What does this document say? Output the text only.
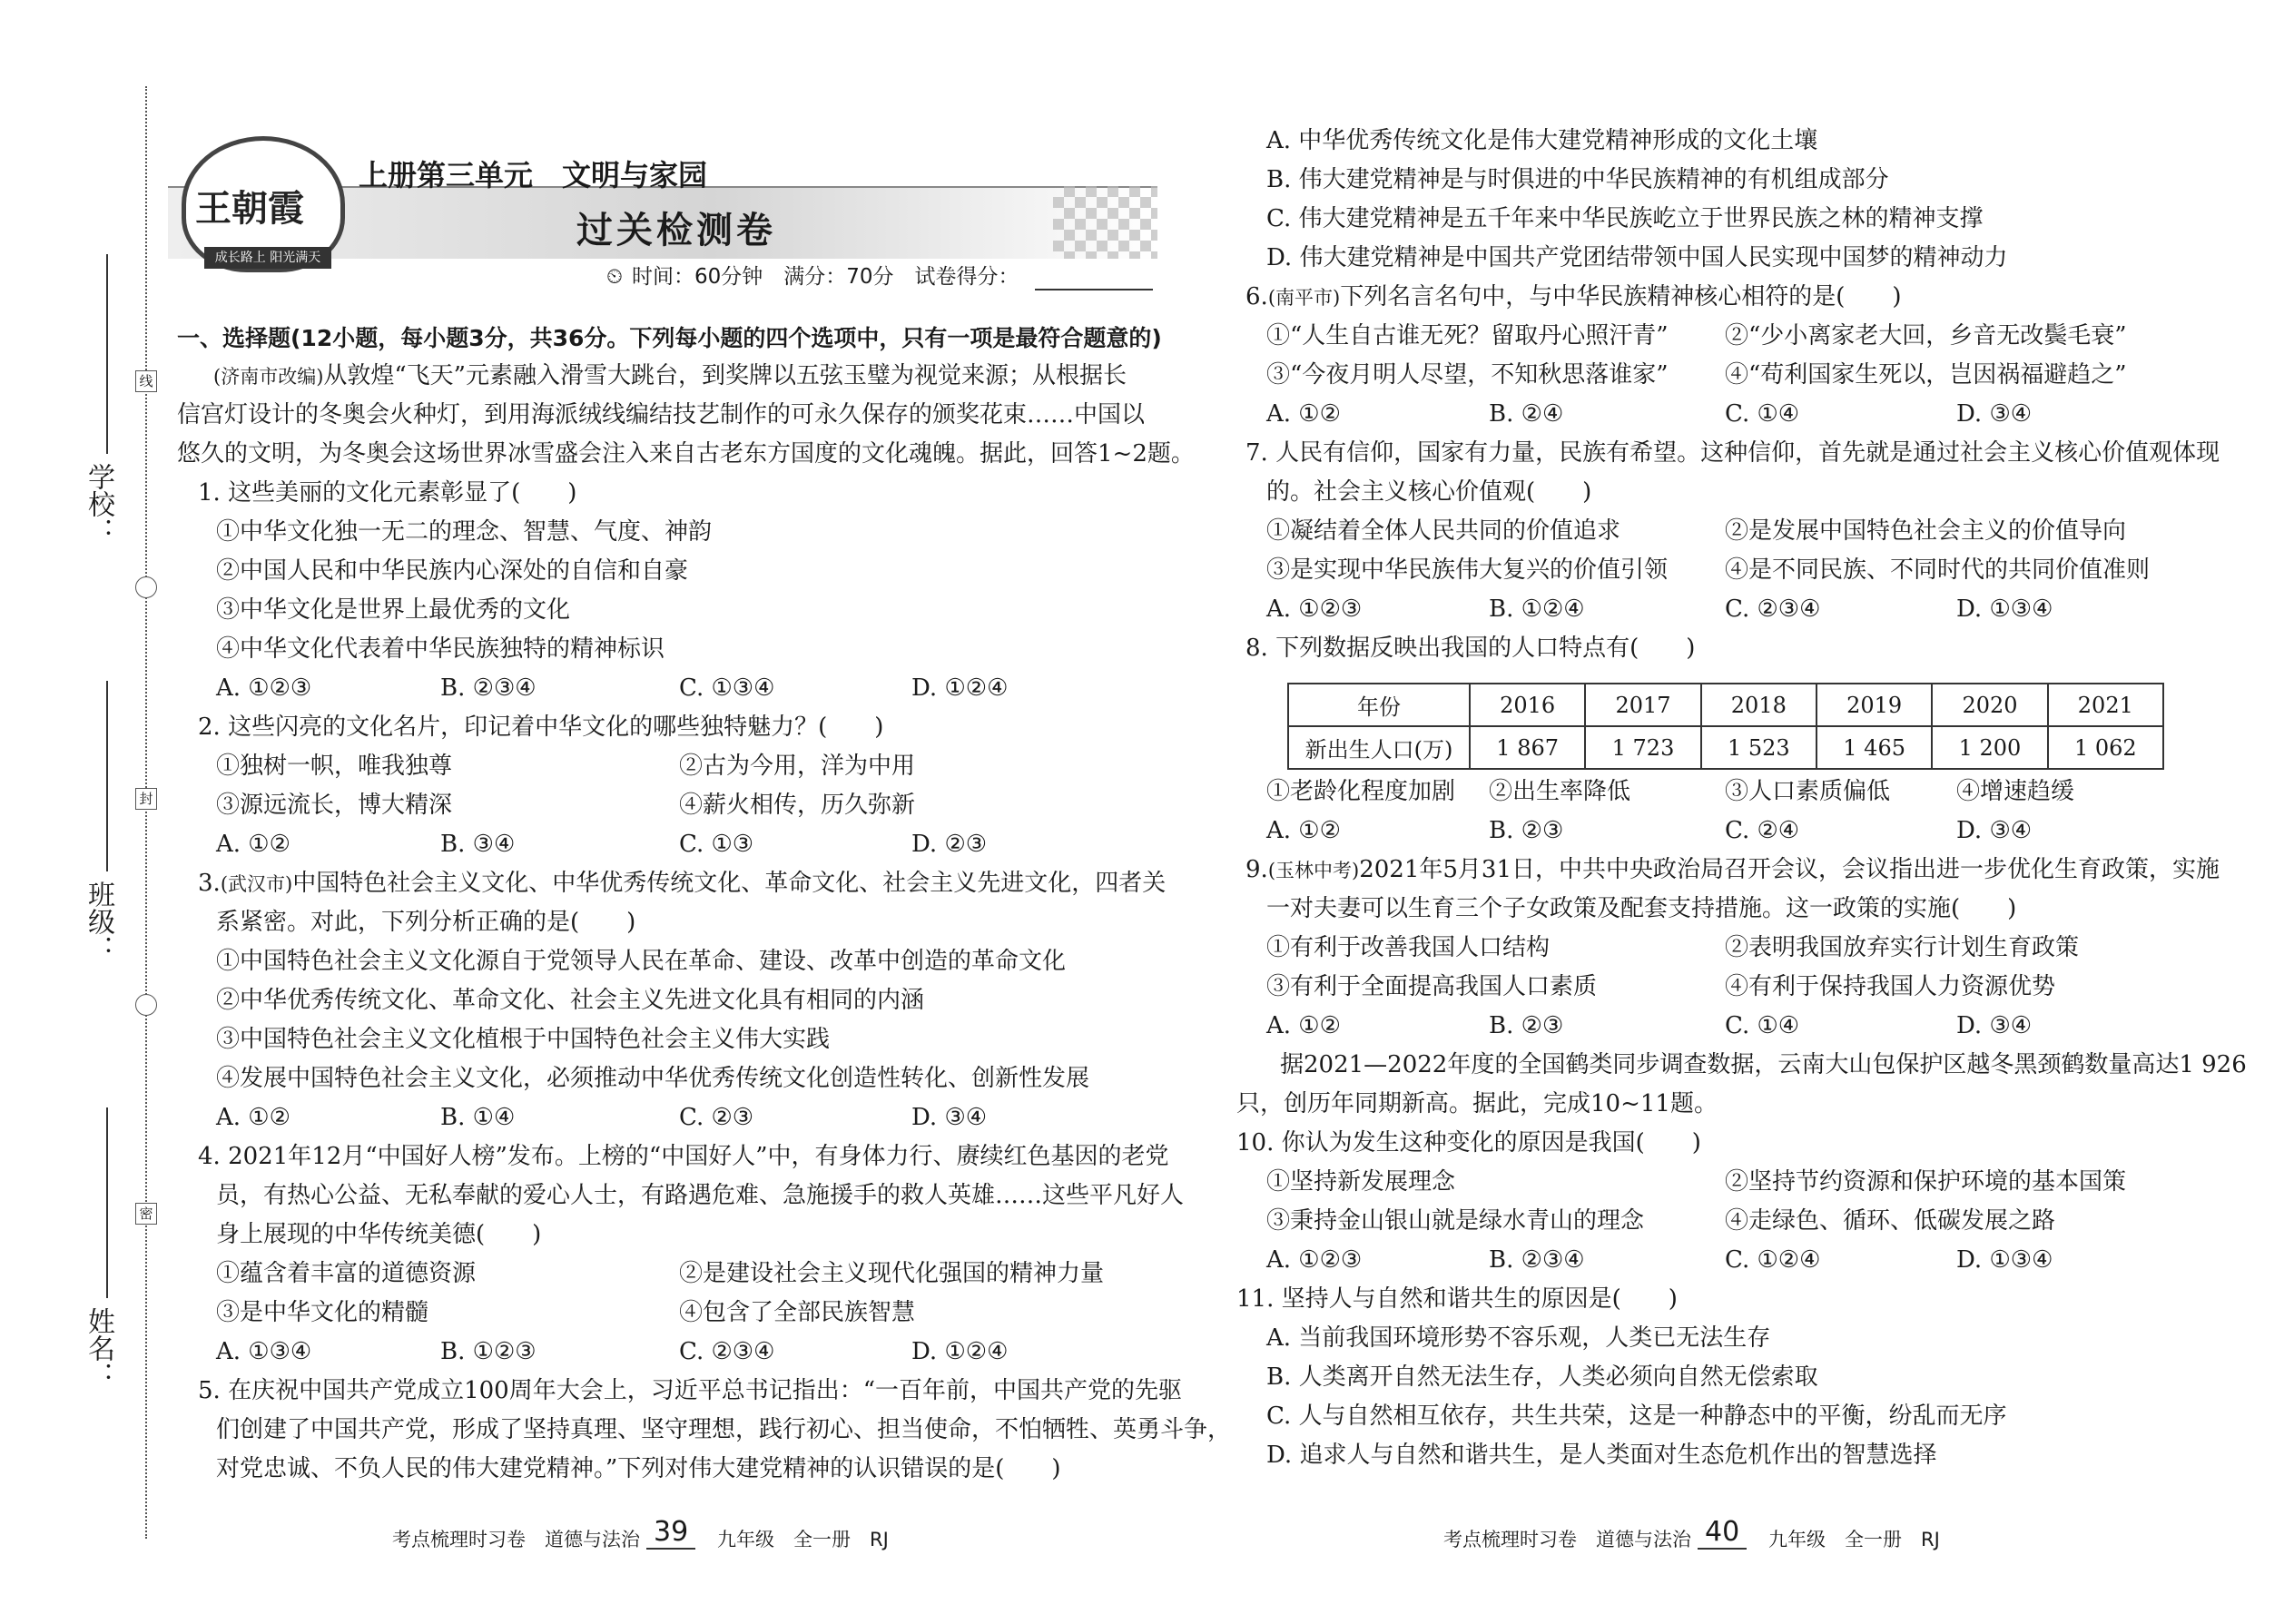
学校：
班级：
姓名：
线
封
密
王朝霞
成长路上 阳光满天
上册第三单元　文明与家园
过关检测卷
⏲ 时间：60分钟　满分：70分　试卷得分：
一、选择题(12小题，每小题3分，共36分。下列每小题的四个选项中，只有一项是最符合题意的)
(济南市改编)从敦煌“飞天”元素融入滑雪大跳台，到奖牌以五弦玉璧为视觉来源；从根据长
信宫灯设计的冬奥会火种灯，到用海派绒线编结技艺制作的可永久保存的颁奖花束……中国以
悠久的文明，为冬奥会这场世界冰雪盛会注入来自古老东方国度的文化魂魄。据此，回答1~2题。
1. 这些美丽的文化元素彰显了(　　)
①中华文化独一无二的理念、智慧、气度、神韵
②中国人民和中华民族内心深处的自信和自豪
③中华文化是世界上最优秀的文化
④中华文化代表着中华民族独特的精神标识
A. ①②③	B. ②③④	C. ①③④	D. ①②④
2. 这些闪亮的文化名片，印记着中华文化的哪些独特魅力？(　　)
①独树一帜，唯我独尊	②古为今用，洋为中用
③源远流长，博大精深	④薪火相传，历久弥新
A. ①②	B. ③④	C. ①③	D. ②③
3.(武汉市)中国特色社会主义文化、中华优秀传统文化、革命文化、社会主义先进文化，四者关
系紧密。对此，下列分析正确的是(　　)
①中国特色社会主义文化源自于党领导人民在革命、建设、改革中创造的革命文化
②中华优秀传统文化、革命文化、社会主义先进文化具有相同的内涵
③中国特色社会主义文化植根于中国特色社会主义伟大实践
④发展中国特色社会主义文化，必须推动中华优秀传统文化创造性转化、创新性发展
A. ①②	B. ①④	C. ②③	D. ③④
4. 2021年12月“中国好人榜”发布。上榜的“中国好人”中，有身体力行、赓续红色基因的老党
员，有热心公益、无私奉献的爱心人士，有路遇危难、急施援手的救人英雄……这些平凡好人
身上展现的中华传统美德(　　)
①蕴含着丰富的道德资源	②是建设社会主义现代化强国的精神力量
③是中华文化的精髓	④包含了全部民族智慧
A. ①③④	B. ①②③	C. ②③④	D. ①②④
5. 在庆祝中国共产党成立100周年大会上，习近平总书记指出：“一百年前，中国共产党的先驱
们创建了中国共产党，形成了坚持真理、坚守理想，践行初心、担当使命，不怕牺牲、英勇斗争，
对党忠诚、不负人民的伟大建党精神。”下列对伟大建党精神的认识错误的是(　　)
A. 中华优秀传统文化是伟大建党精神形成的文化土壤
B. 伟大建党精神是与时俱进的中华民族精神的有机组成部分
C. 伟大建党精神是五千年来中华民族屹立于世界民族之林的精神支撑
D. 伟大建党精神是中国共产党团结带领中国人民实现中国梦的精神动力
6.(南平市)下列名言名句中，与中华民族精神核心相符的是(　　)
①“人生自古谁无死？留取丹心照汗青” ②“少小离家老大回，乡音无改鬓毛衰”
③“今夜月明人尽望，不知秋思落谁家” ④“苟利国家生死以，岂因祸福避趋之”
A. ①②	B. ②④	C. ①④	D. ③④
7. 人民有信仰，国家有力量，民族有希望。这种信仰，首先就是通过社会主义核心价值观体现
的。社会主义核心价值观(　　)
①凝结着全体人民共同的价值追求	②是发展中国特色社会主义的价值导向
③是实现中华民族伟大复兴的价值引领 ④是不同民族、不同时代的共同价值准则
A. ①②③	B. ①②④	C. ②③④	D. ①③④
8. 下列数据反映出我国的人口特点有(　　)
年份	2016	2017	2018	2019	2020	2021
新出生人口(万)	1 867	1 723	1 523	1 465	1 200	1 062
①老龄化程度加剧 ②出生率降低	③人口素质偏低	④增速趋缓
A. ①②	B. ②③	C. ②④	D. ③④
9.(玉林中考)2021年5月31日，中共中央政治局召开会议，会议指出进一步优化生育政策，实施
一对夫妻可以生育三个子女政策及配套支持措施。这一政策的实施(　　)
①有利于改善我国人口结构	②表明我国放弃实行计划生育政策
③有利于全面提高我国人口素质	④有利于保持我国人力资源优势
A. ①②	B. ②③	C. ①④	D. ③④
据2021—2022年度的全国鹤类同步调查数据，云南大山包保护区越冬黑颈鹤数量高达1 926
只，创历年同期新高。据此，完成10~11题。
10. 你认为发生这种变化的原因是我国(　　)
①坚持新发展理念	②坚持节约资源和保护环境的基本国策
③秉持金山银山就是绿水青山的理念	④走绿色、循环、低碳发展之路
A. ①②③	B. ②③④	C. ①②④	D. ①③④
11. 坚持人与自然和谐共生的原因是(　　)
A. 当前我国环境形势不容乐观，人类已无法生存
B. 人类离开自然无法生存，人类必须向自然无偿索取
C. 人与自然相互依存，共生共荣，这是一种静态中的平衡，纷乱而无序
D. 追求人与自然和谐共生，是人类面对生态危机作出的智慧选择
考点梳理时习卷　道德与法治 39	九年级　全一册　RJ	考点梳理时习卷　道德与法治 40	九年级　全一册　RJ
